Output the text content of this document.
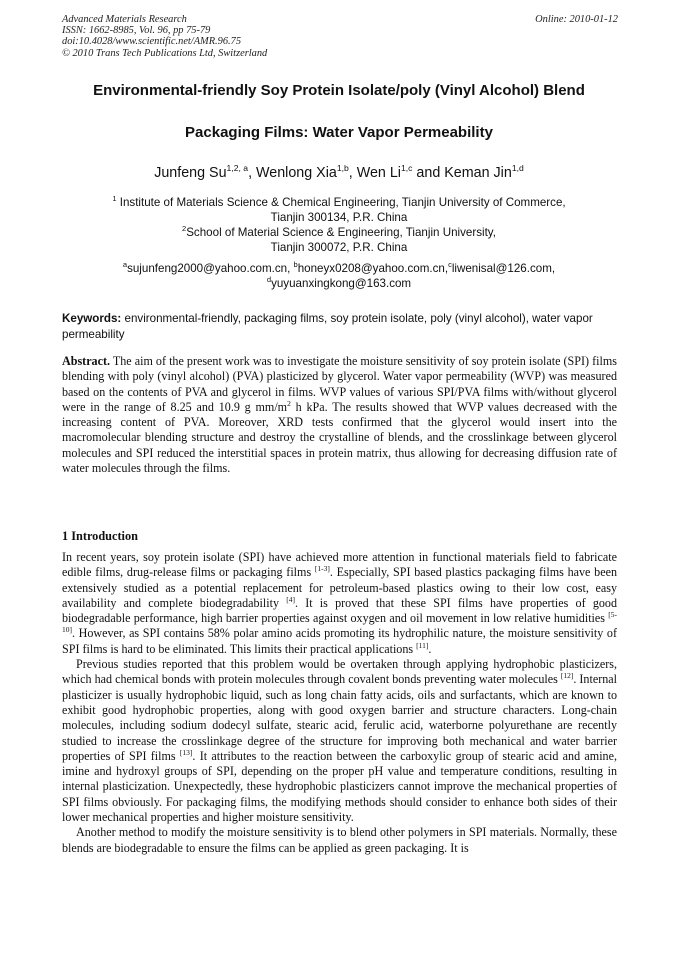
Advanced Materials Research
ISSN: 1662-8985, Vol. 96, pp 75-79
doi:10.4028/www.scientific.net/AMR.96.75
© 2010 Trans Tech Publications Ltd, Switzerland
Online: 2010-01-12
Environmental-friendly Soy Protein Isolate/poly (Vinyl Alcohol) Blend
Packaging Films: Water Vapor Permeability
Junfeng Su$^{1,2, a}$, Wenlong Xia$^{1,b}$, Wen Li$^{1,c}$ and Keman Jin$^{1,d}$
$^1$ Institute of Materials Science & Chemical Engineering, Tianjin University of Commerce,
Tianjin 300134, P.R. China
$^2$School of Material Science & Engineering, Tianjin University,
Tianjin 300072, P.R. China
$^a$sujunfeng2000@yahoo.com.cn, $^b$honeyx0208@yahoo.com.cn,$^c$liwenisal@126.com,
$^d$yuyuanxingkong@163.com
Keywords: environmental-friendly, packaging films, soy protein isolate, poly (vinyl alcohol), water vapor permeability

Abstract. The aim of the present work was to investigate the moisture sensitivity of soy protein isolate (SPI) films blending with poly (vinyl alcohol) (PVA) plasticized by glycerol. Water vapor permeability (WVP) was measured based on the contents of PVA and glycerol in films. WVP values of various SPI/PVA films with/without glycerol were in the range of 8.25 and 10.9 g $mm/m^2$ h kPa. The results showed that WVP values decreased with the increasing content of PVA. Moreover, XRD tests confirmed that the glycerol would insert into the macromolecular blending structure and destroy the crystalline of blends, and the crosslinkage between glycerol molecules and SPI reduced the interstitial spaces in protein matrix, thus allowing for decreasing diffusion rate of water molecules through the films.

1 Introduction

In recent years, soy protein isolate (SPI) have achieved more attention in functional materials field to fabricate edible films, drug-release films or packaging films [1-3]. Especially, SPI based plastics packaging films have been extensively studied as a potential replacement for petroleum-based plastics owing to their low cost, easy availability and complete biodegradability [4]. It is proved that these SPI films have properties of good biodegradable performance, high barrier properties against oxygen and oil movement in low relative humidities [5-10]. However, as SPI contains 58% polar amino acids promoting its hydrophilic nature, the moisture sensitivity of SPI films is hard to be eliminated. This limits their practical applications [11].

Previous studies reported that this problem would be overtaken through applying hydrophobic plasticizers, which had chemical bonds with protein molecules through covalent bonds preventing water molecules [12]. Internal plasticizer is usually hydrophobic liquid, such as long chain fatty acids, oils and surfactants, which are known to exhibit good hydrophobic properties, along with good oxygen barrier and structure characters. Long-chain molecules, including sodium dodecyl sulfate, stearic acid, ferulic acid, waterborne polyurethane are recently studied to increase the crosslinkage degree of the structure for improving both mechanical and water barrier properties of SPI films [13]. It attributes to the reaction between the carboxylic group of stearic acid and amine, imine and hydroxyl groups of SPI, depending on the proper pH value and temperature conditions, resulting in internal plasticization. Unexpectedly, these hydrophobic plasticizers cannot improve the mechanical properties of SPI films obviously. For packaging films, the modifying methods should consider to enhance both sides of their lower mechanical properties and higher moisture sensitivity.

Another method to modify the moisture sensitivity is to blend other polymers in SPI materials. Normally, these blends are biodegradable to ensure the films can be applied as green packaging. It is
